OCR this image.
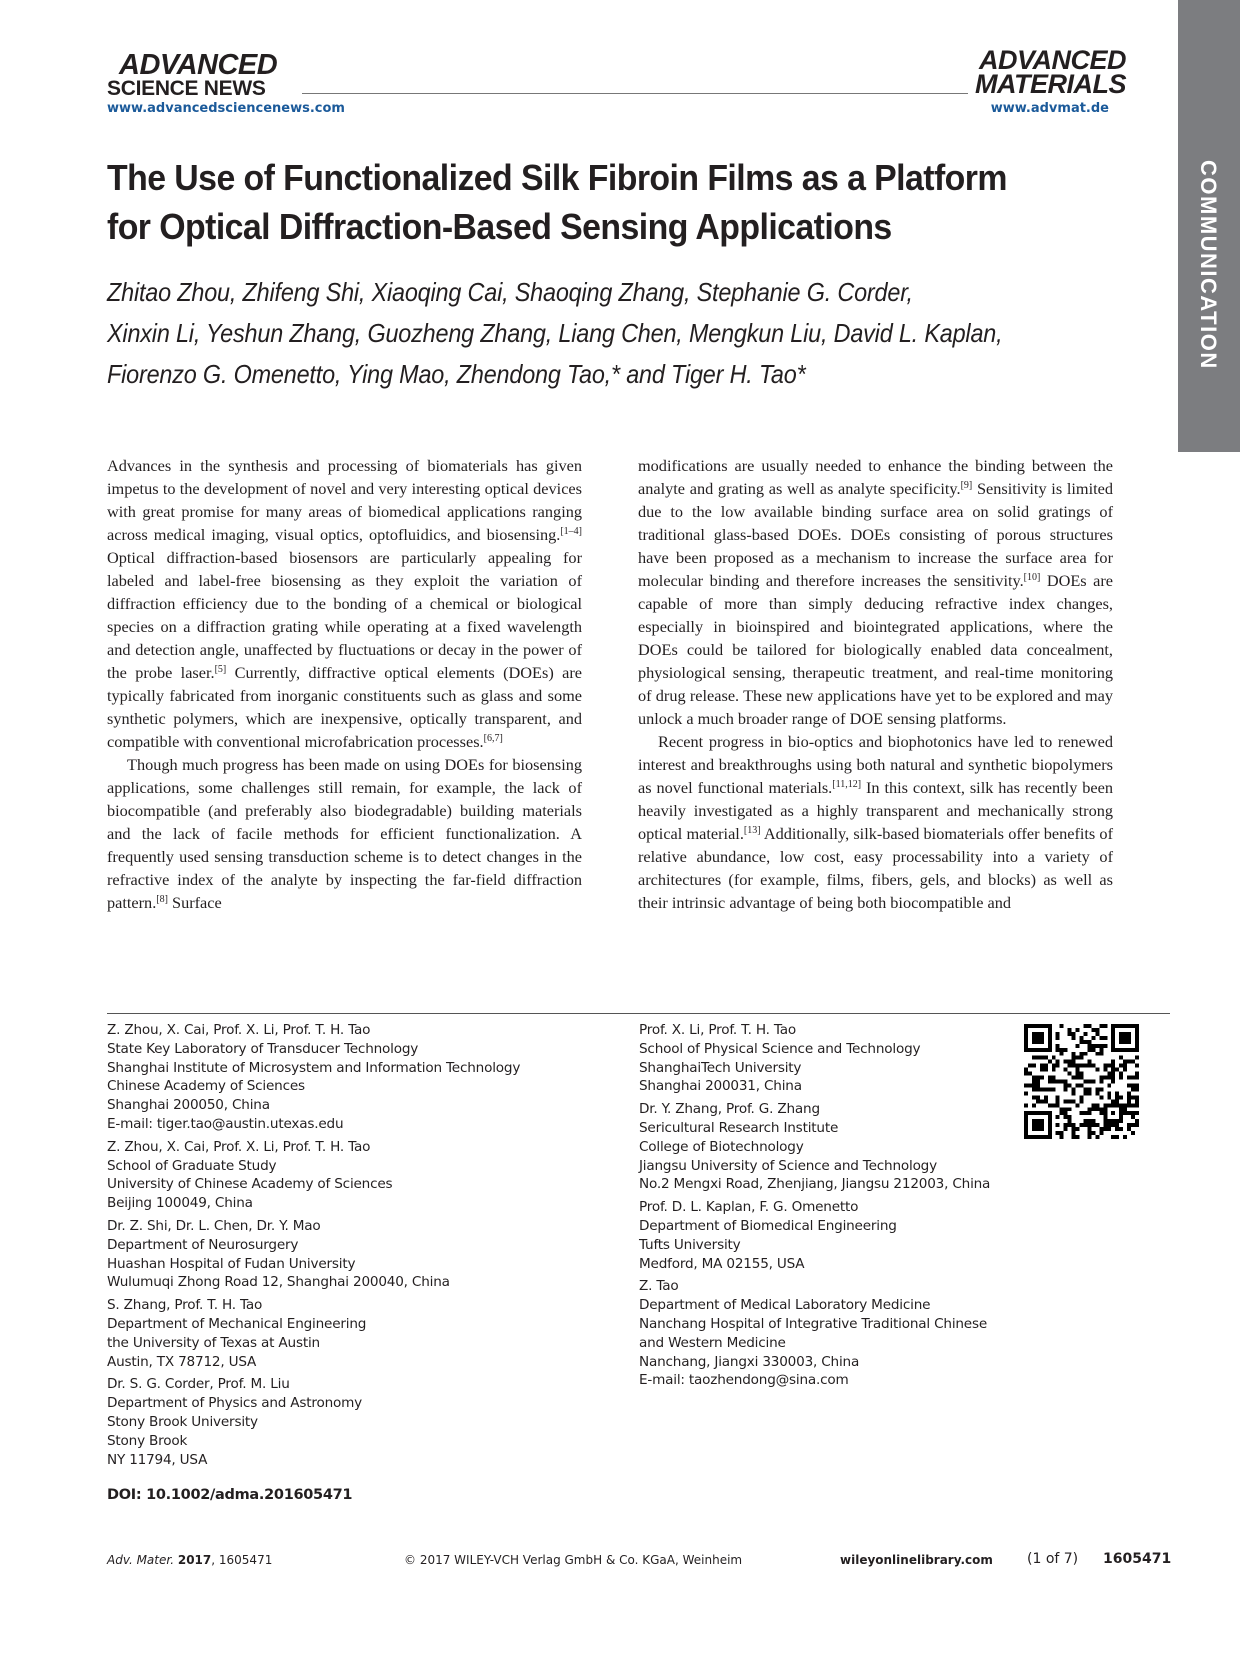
ADVANCED
SCIENCE NEWS
www.advancedsciencenews.com
ADVANCED
MATERIALS
www.advmat.de
COMMUNICATION
The Use of Functionalized Silk Fibroin Films as a Platform
for Optical Diffraction-Based Sensing Applications
Zhitao Zhou, Zhifeng Shi, Xiaoqing Cai, Shaoqing Zhang, Stephanie G. Corder,
Xinxin Li, Yeshun Zhang, Guozheng Zhang, Liang Chen, Mengkun Liu, David L. Kaplan,
Fiorenzo G. Omenetto, Ying Mao, Zhendong Tao,* and Tiger H. Tao*

Advances in the synthesis and processing of biomaterials has given impetus to the development of novel and very interesting optical devices with great promise for many areas of biomedical applications ranging across medical imaging, visual optics, optofluidics, and biosensing.[1–4] Optical diffraction-based biosensors are particularly appealing for labeled and label-free biosensing as they exploit the variation of diffraction efficiency due to the bonding of a chemical or biological species on a diffraction grating while operating at a fixed wavelength and detection angle, unaffected by fluctuations or decay in the power of the probe laser.[5] Currently, diffractive optical elements (DOEs) are typically fabricated from inorganic constituents such as glass and some synthetic polymers, which are inexpensive, optically transparent, and compatible with conventional microfabrication processes.[6,7]

Though much progress has been made on using DOEs for biosensing applications, some challenges still remain, for example, the lack of biocompatible (and preferably also biodegradable) building materials and the lack of facile methods for efficient functionalization. A frequently used sensing transduction scheme is to detect changes in the refractive index of the analyte by inspecting the far-field diffraction pattern.[8] Surface

modifications are usually needed to enhance the binding between the analyte and grating as well as analyte specificity.[9] Sensitivity is limited due to the low available binding surface area on solid gratings of traditional glass-based DOEs. DOEs consisting of porous structures have been proposed as a mechanism to increase the surface area for molecular binding and therefore increases the sensitivity.[10] DOEs are capable of more than simply deducing refractive index changes, especially in bioinspired and biointegrated applications, where the DOEs could be tailored for biologically enabled data concealment, physiological sensing, therapeutic treatment, and real-time monitoring of drug release. These new applications have yet to be explored and may unlock a much broader range of DOE sensing platforms.

Recent progress in bio-optics and biophotonics have led to renewed interest and breakthroughs using both natural and synthetic biopolymers as novel functional materials.[11,12] In this context, silk has recently been heavily investigated as a highly transparent and mechanically strong optical material.[13] Additionally, silk-based biomaterials offer benefits of relative abundance, low cost, easy processability into a variety of architectures (for example, films, fibers, gels, and blocks) as well as their intrinsic advantage of being both biocompatible and

Z. Zhou, X. Cai, Prof. X. Li, Prof. T. H. Tao
State Key Laboratory of Transducer Technology
Shanghai Institute of Microsystem and Information Technology
Chinese Academy of Sciences
Shanghai 200050, China
E-mail: tiger.tao@austin.utexas.edu
Z. Zhou, X. Cai, Prof. X. Li, Prof. T. H. Tao
School of Graduate Study
University of Chinese Academy of Sciences
Beijing 100049, China
Dr. Z. Shi, Dr. L. Chen, Dr. Y. Mao
Department of Neurosurgery
Huashan Hospital of Fudan University
Wulumuqi Zhong Road 12, Shanghai 200040, China
S. Zhang, Prof. T. H. Tao
Department of Mechanical Engineering
the University of Texas at Austin
Austin, TX 78712, USA
Dr. S. G. Corder, Prof. M. Liu
Department of Physics and Astronomy
Stony Brook University
Stony Brook
NY 11794, USA
Prof. X. Li, Prof. T. H. Tao
School of Physical Science and Technology
ShanghaiTech University
Shanghai 200031, China
Dr. Y. Zhang, Prof. G. Zhang
Sericultural Research Institute
College of Biotechnology
Jiangsu University of Science and Technology
No.2 Mengxi Road, Zhenjiang, Jiangsu 212003, China
Prof. D. L. Kaplan, F. G. Omenetto
Department of Biomedical Engineering
Tufts University
Medford, MA 02155, USA
Z. Tao
Department of Medical Laboratory Medicine
Nanchang Hospital of Integrative Traditional Chinese
and Western Medicine
Nanchang, Jiangxi 330003, China
E-mail: taozhendong@sina.com
DOI: 10.1002/adma.201605471
Adv. Mater. 2017, 1605471	© 2017 WILEY-VCH Verlag GmbH & Co. KGaA, Weinheim	wileyonlinelibrary.com (1 of 7) 1605471
